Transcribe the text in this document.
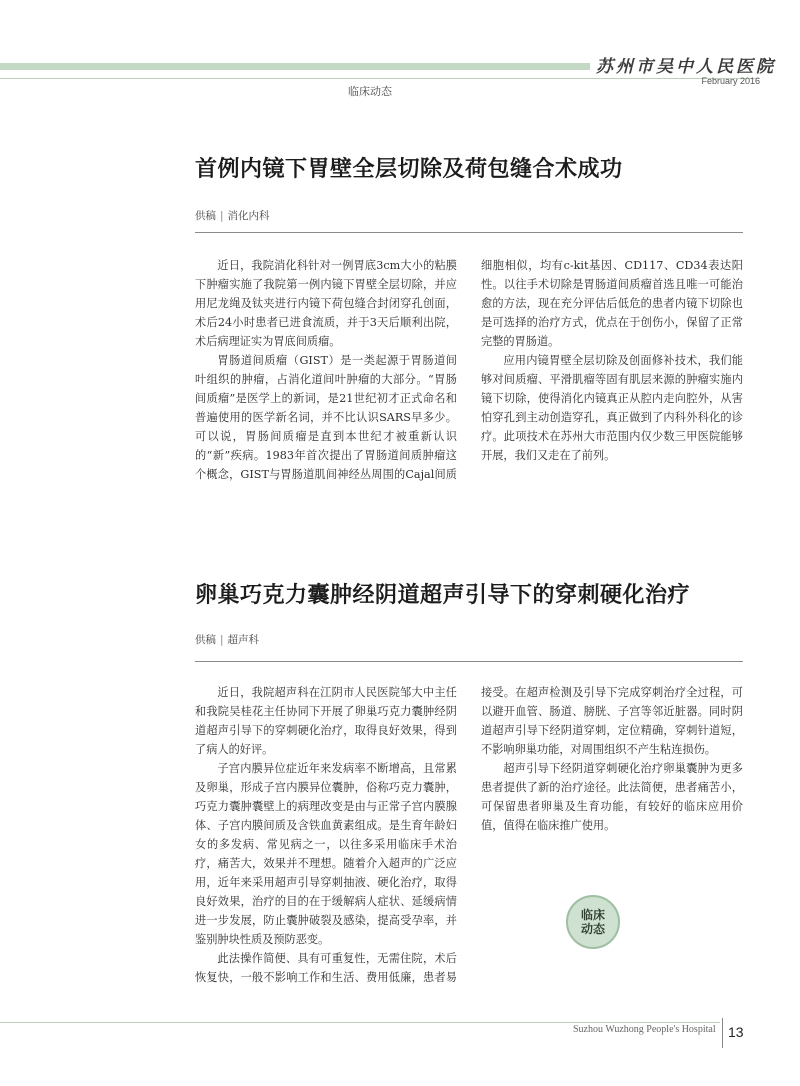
苏州市吴中人民医院
February 2016
临床动态
首例内镜下胃壁全层切除及荷包缝合术成功
供稿 | 消化内科

近日，我院消化科针对一例胃底3cm大小的粘膜下肿瘤实施了我院第一例内镜下胃壁全层切除，并应用尼龙绳及钛夹进行内镜下荷包缝合封闭穿孔创面，术后24小时患者已进食流质，并于3天后顺利出院，术后病理证实为胃底间质瘤。

胃肠道间质瘤（GIST）是一类起源于胃肠道间叶组织的肿瘤，占消化道间叶肿瘤的大部分。“胃肠间质瘤”是医学上的新词，是21世纪初才正式命名和普遍使用的医学新名词，并不比认识SARS早多少。可以说，胃肠间质瘤是直到本世纪才被重新认识的“新”疾病。1983年首次提出了胃肠道间质肿瘤这个概念，GIST与胃肠道肌间神经丛周围的Cajal间质细胞相似，均有c-kit基因、CD117、CD34表达阳性。以往手术切除是胃肠道间质瘤首选且唯一可能治愈的方法，现在充分评估后低危的患者内镜下切除也是可选择的治疗方式，优点在于创伤小，保留了正常完整的胃肠道。

应用内镜胃壁全层切除及创面修补技术，我们能够对间质瘤、平滑肌瘤等固有肌层来源的肿瘤实施内镜下切除，使得消化内镜真正从腔内走向腔外，从害怕穿孔到主动创造穿孔，真正做到了内科外科化的诊疗。此项技术在苏州大市范围内仅少数三甲医院能够开展，我们又走在了前列。

卵巢巧克力囊肿经阴道超声引导下的穿刺硬化治疗
供稿 | 超声科

近日，我院超声科在江阴市人民医院邹大中主任和我院吴桂花主任协同下开展了卵巢巧克力囊肿经阴道超声引导下的穿刺硬化治疗，取得良好效果，得到了病人的好评。

子宫内膜异位症近年来发病率不断增高，且常累及卵巢，形成子宫内膜异位囊肿，俗称巧克力囊肿，巧克力囊肿囊壁上的病理改变是由与正常子宫内膜腺体、子宫内膜间质及含铁血黄素组成。是生育年龄妇女的多发病、常见病之一，以往多采用临床手术治疗，痛苦大，效果并不理想。随着介入超声的广泛应用，近年来采用超声引导穿刺抽液、硬化治疗，取得良好效果，治疗的目的在于缓解病人症状、延缓病情进一步发展，防止囊肿破裂及感染，提高受孕率，并鉴别肿块性质及预防恶变。

此法操作简便、具有可重复性，无需住院，术后恢复快，一般不影响工作和生活、费用低廉，患者易接受。在超声检测及引导下完成穿刺治疗全过程，可以避开血管、肠道、膀胱、子宫等邻近脏器。同时阴道超声引导下经阴道穿刺，定位精确，穿刺针道短，不影响卵巢功能，对周围组织不产生粘连损伤。

超声引导下经阴道穿刺硬化治疗卵巢囊肿为更多患者提供了新的治疗途径。此法简便，患者痛苦小，可保留患者卵巢及生育功能，有较好的临床应用价值，值得在临床推广使用。

临床
动态
Suzhou Wuzhong People's Hospital 13
